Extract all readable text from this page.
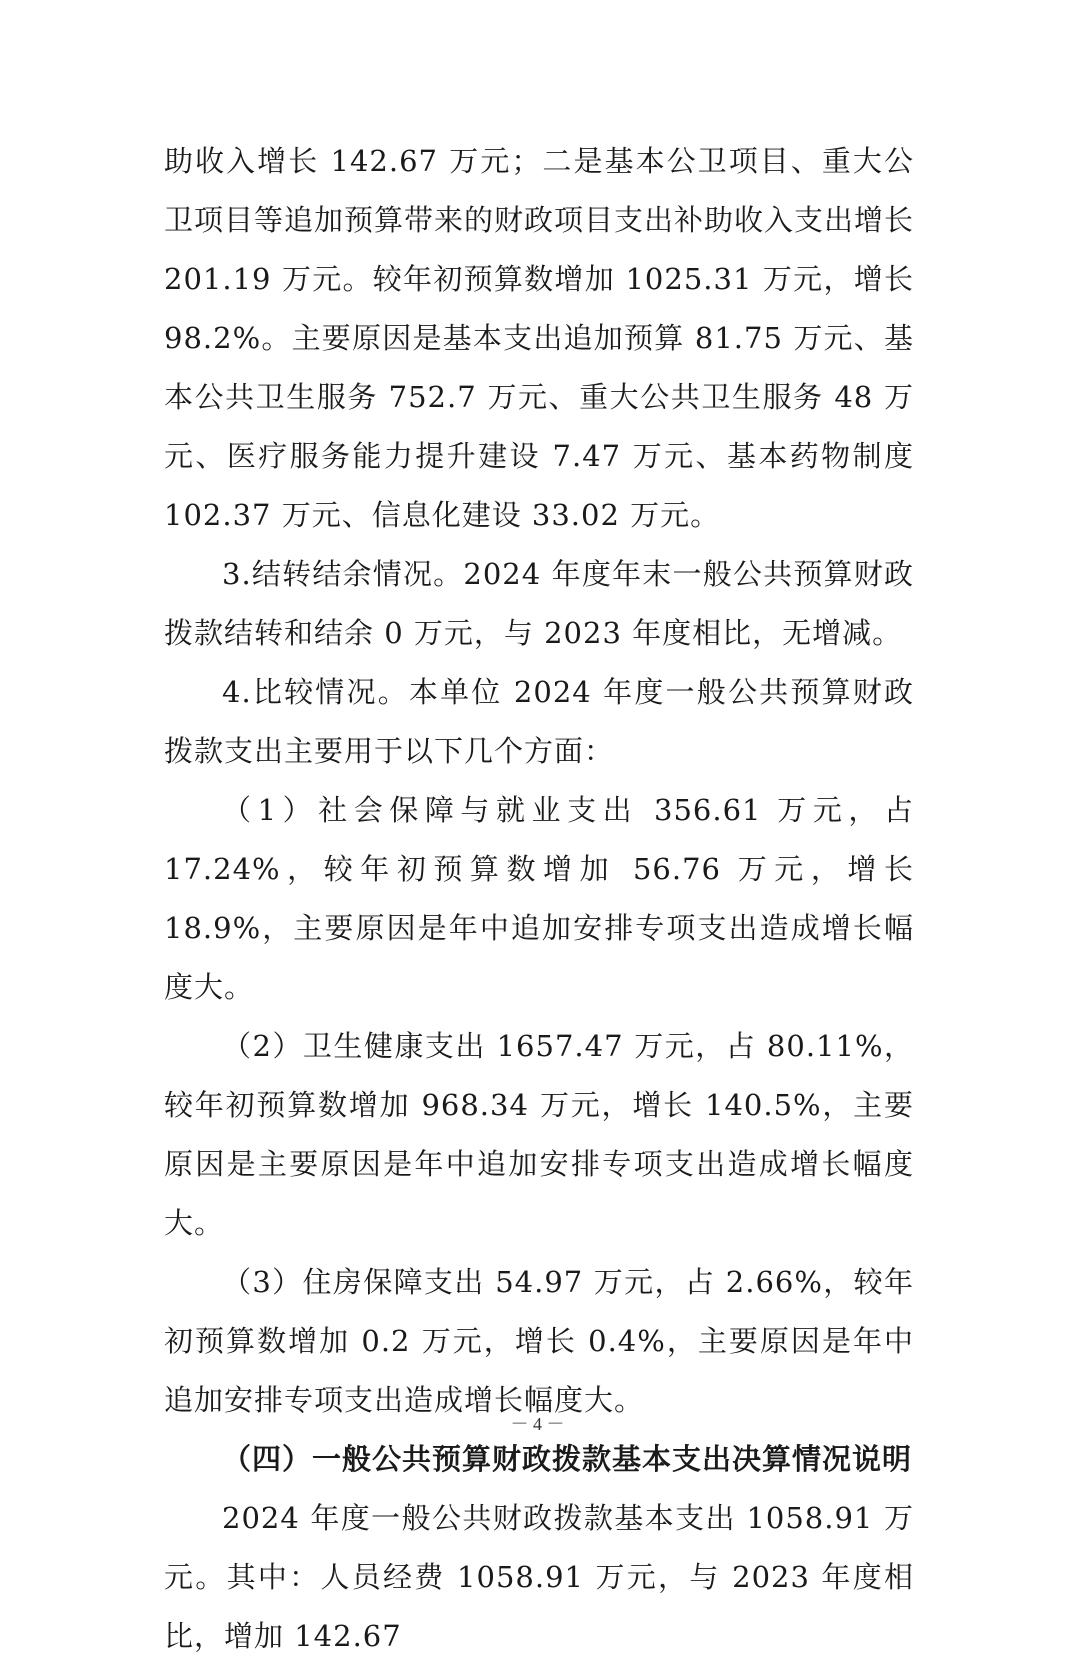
助收入增长 142.67 万元；二是基本公卫项目、重大公卫项目等追加预算带来的财政项目支出补助收入支出增长 201.19 万元。较年初预算数增加 1025.31 万元，增长 98.2%。主要原因是基本支出追加预算 81.75 万元、基本公共卫生服务 752.7 万元、重大公共卫生服务 48 万元、医疗服务能力提升建设 7.47 万元、基本药物制度 102.37 万元、信息化建设 33.02 万元。

3.结转结余情况。2024 年度年末一般公共预算财政拨款结转和结余 0 万元，与 2023 年度相比，无增减。

4.比较情况。本单位 2024 年度一般公共预算财政拨款支出主要用于以下几个方面：

（1）社会保障与就业支出 356.61 万元，占 17.24%，较年初预算数增加 56.76 万元，增长 18.9%，主要原因是年中追加安排专项支出造成增长幅度大。

（2）卫生健康支出 1657.47 万元，占 80.11%，较年初预算数增加 968.34 万元，增长 140.5%，主要原因是主要原因是年中追加安排专项支出造成增长幅度大。

（3）住房保障支出 54.97 万元，占 2.66%，较年初预算数增加 0.2 万元，增长 0.4%，主要原因是年中追加安排专项支出造成增长幅度大。

（四）一般公共预算财政拨款基本支出决算情况说明

2024 年度一般公共财政拨款基本支出 1058.91 万元。其中：人员经费 1058.91 万元，与 2023 年度相比，增加 142.67

－ 4 －
